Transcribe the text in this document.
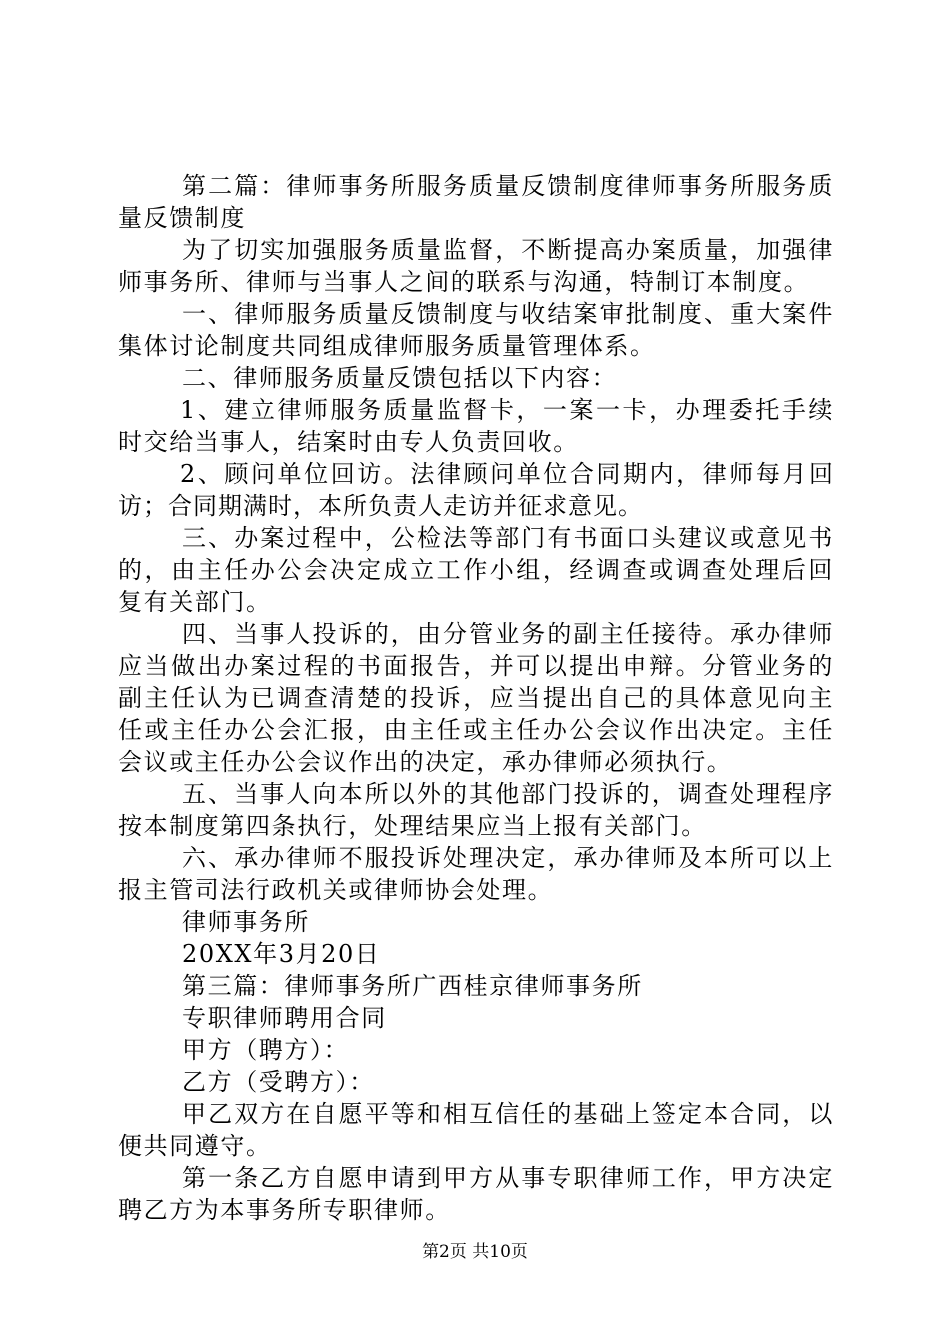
第二篇：律师事务所服务质量反馈制度律师事务所服务质量反馈制度

为了切实加强服务质量监督，不断提高办案质量，加强律师事务所、律师与当事人之间的联系与沟通，特制订本制度。

一、律师服务质量反馈制度与收结案审批制度、重大案件集体讨论制度共同组成律师服务质量管理体系。

二、律师服务质量反馈包括以下内容：

1、建立律师服务质量监督卡，一案一卡，办理委托手续时交给当事人，结案时由专人负责回收。

2、顾问单位回访。法律顾问单位合同期内，律师每月回访；合同期满时，本所负责人走访并征求意见。

三、办案过程中，公检法等部门有书面口头建议或意见书的，由主任办公会决定成立工作小组，经调查或调查处理后回复有关部门。

四、当事人投诉的，由分管业务的副主任接待。承办律师应当做出办案过程的书面报告，并可以提出申辩。分管业务的副主任认为已调查清楚的投诉，应当提出自己的具体意见向主任或主任办公会汇报，由主任或主任办公会议作出决定。主任会议或主任办公会议作出的决定，承办律师必须执行。

五、当事人向本所以外的其他部门投诉的，调查处理程序按本制度第四条执行，处理结果应当上报有关部门。

六、承办律师不服投诉处理决定，承办律师及本所可以上报主管司法行政机关或律师协会处理。

律师事务所

20XX年3月20日

第三篇：律师事务所广西桂京律师事务所

专职律师聘用合同

甲方（聘方）：

乙方（受聘方）：

甲乙双方在自愿平等和相互信任的基础上签定本合同，以便共同遵守。

第一条乙方自愿申请到甲方从事专职律师工作，甲方决定聘乙方为本事务所专职律师。

第2页 共10页
